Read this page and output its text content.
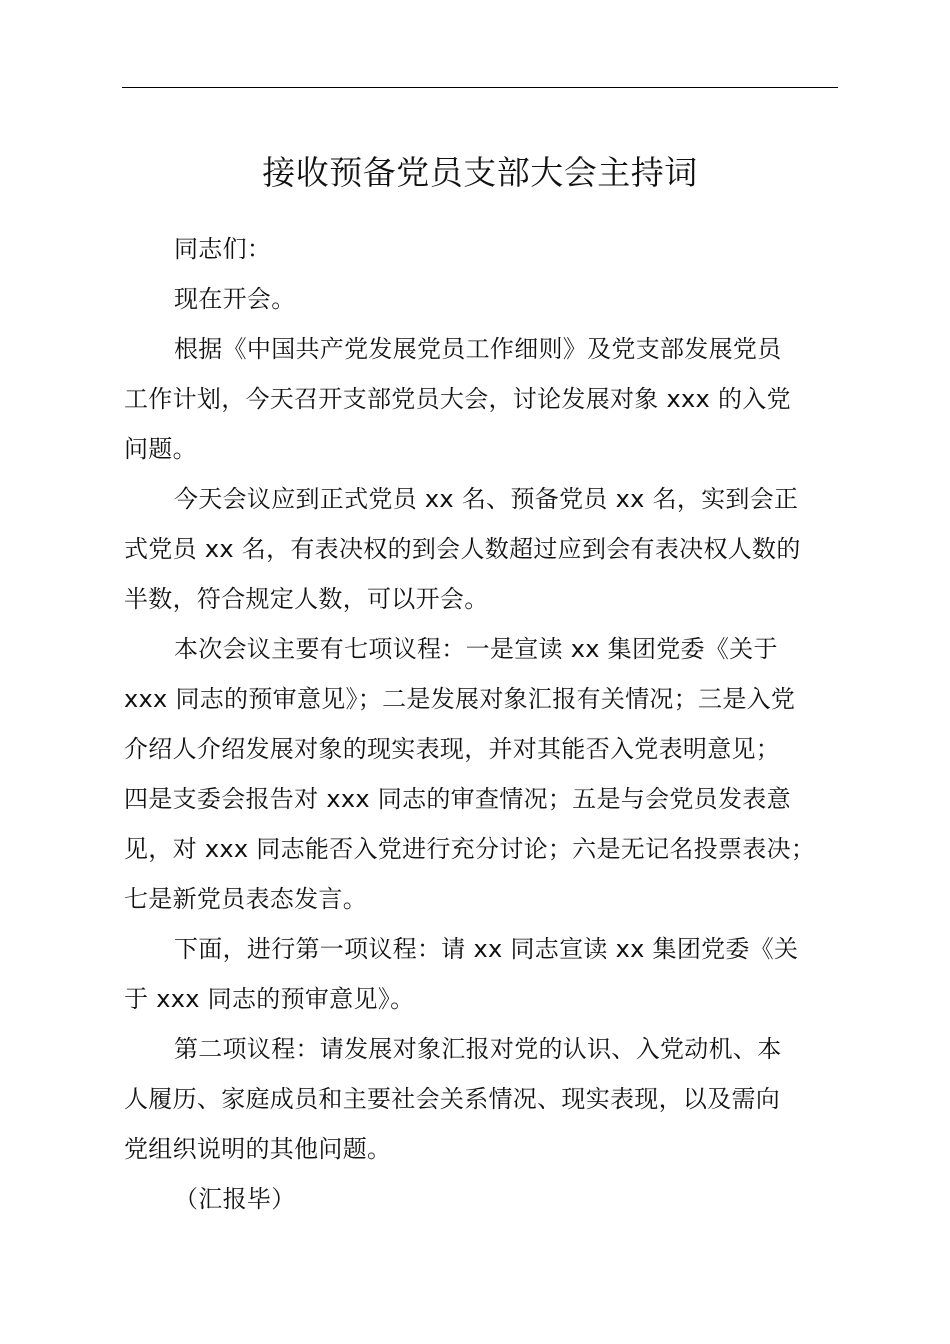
接收预备党员支部大会主持词

同志们：

现在开会。

根据《中国共产党发展党员工作细则》及党支部发展党员
工作计划，今天召开支部党员大会，讨论发展对象 xxx 的入党
问题。

今天会议应到正式党员 xx 名、预备党员 xx 名，实到会正
式党员 xx 名，有表决权的到会人数超过应到会有表决权人数的
半数，符合规定人数，可以开会。

本次会议主要有七项议程：一是宣读 xx 集团党委《关于
xxx 同志的预审意见》；二是发展对象汇报有关情况；三是入党
介绍人介绍发展对象的现实表现，并对其能否入党表明意见；
四是支委会报告对 xxx 同志的审查情况；五是与会党员发表意
见，对 xxx 同志能否入党进行充分讨论；六是无记名投票表决；
七是新党员表态发言。

下面，进行第一项议程：请 xx 同志宣读 xx 集团党委《关
于 xxx 同志的预审意见》。

第二项议程：请发展对象汇报对党的认识、入党动机、本
人履历、家庭成员和主要社会关系情况、现实表现，以及需向
党组织说明的其他问题。

（汇报毕）
